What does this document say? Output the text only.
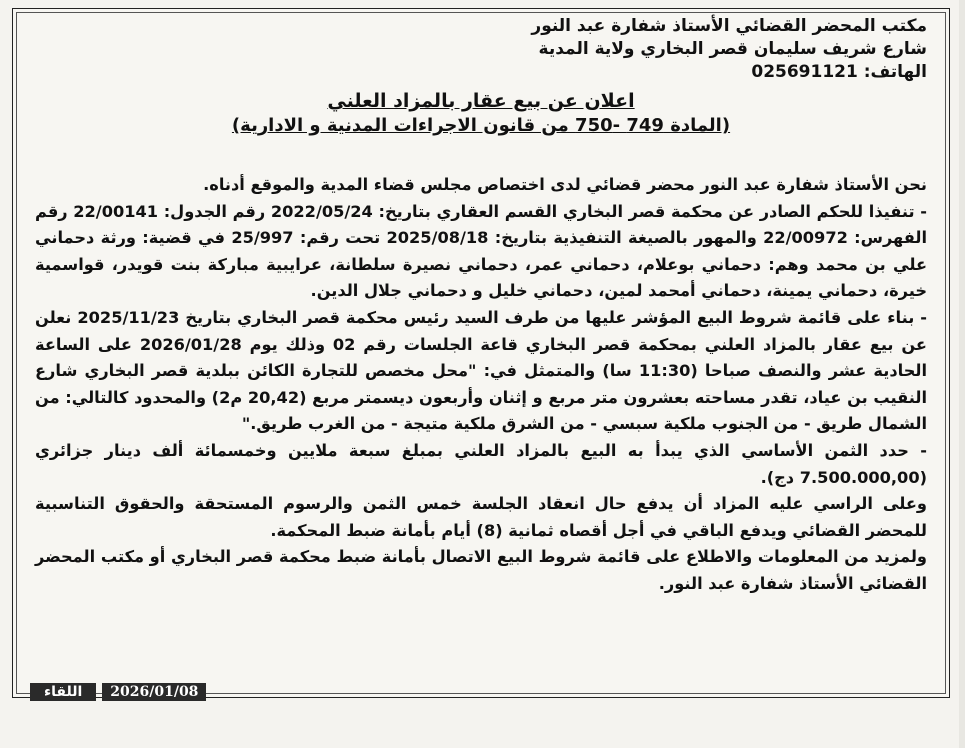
مكتب المحضر القضائي الأستاذ شفارة عبد النور

شارع شريف سليمان قصر البخاري ولاية المدية

الهاتف: 025691121

اعلان عن بيع عقار بالمزاد العلني
(المادة 749 -750 من قانون الاجراءات المدنية و الادارية)

نحن الأستاذ شفارة عبد النور محضر قضائي لدى اختصاص مجلس قضاء المدية والموقع أدناه.

- تنفيذا للحكم الصادر عن محكمة قصر البخاري القسم العقاري بتاريخ: 2022/05/24 رقم الجدول: 22/00141 رقم الفهرس: 22/00972 والمهور بالصيغة التنفيذية بتاريخ: 2025/08/18 تحت رقم: 25/997 في قضية: ورثة دحماني علي بن محمد وهم: دحماني بوعلام، دحماني عمر، دحماني نصيرة سلطانة، عرايبية مباركة بنت قويدر، قواسمية خيرة، دحماني يمينة، دحماني أمحمد لمين، دحماني خليل و دحماني جلال الدين.

- بناء على قائمة شروط البيع المؤشر عليها من طرف السيد رئيس محكمة قصر البخاري بتاريخ 2025/11/23 نعلن عن بيع عقار بالمزاد العلني بمحكمة قصر البخاري قاعة الجلسات رقم 02 وذلك يوم 2026/01/28 على الساعة الحادية عشر والنصف صباحا (11:30 سا) والمتمثل في: "محل مخصص للتجارة الكائن ببلدية قصر البخاري شارع النقيب بن عياد، تقدر مساحته بعشرون متر مربع و إثنان وأربعون ديسمتر مربع (20,42 م2) والمحدود كالتالي: من الشمال طريق - من الجنوب ملكية سبسي - من الشرق ملكية متيجة - من الغرب طريق."

- حدد الثمن الأساسي الذي يبدأ به البيع بالمزاد العلني بمبلغ سبعة ملايين وخمسمائة ألف دينار جزائري (7.500.000,00 دج).

وعلى الراسي عليه المزاد أن يدفع حال انعقاد الجلسة خمس الثمن والرسوم المستحقة والحقوق التناسبية للمحضر القضائي ويدفع الباقي في أجل أقصاه ثمانية (8) أيام بأمانة ضبط المحكمة.

ولمزيد من المعلومات والاطلاع على قائمة شروط البيع الاتصال بأمانة ضبط محكمة قصر البخاري أو مكتب المحضر القضائي الأستاذ شفارة عبد النور.

اللقاء	2026/01/08
